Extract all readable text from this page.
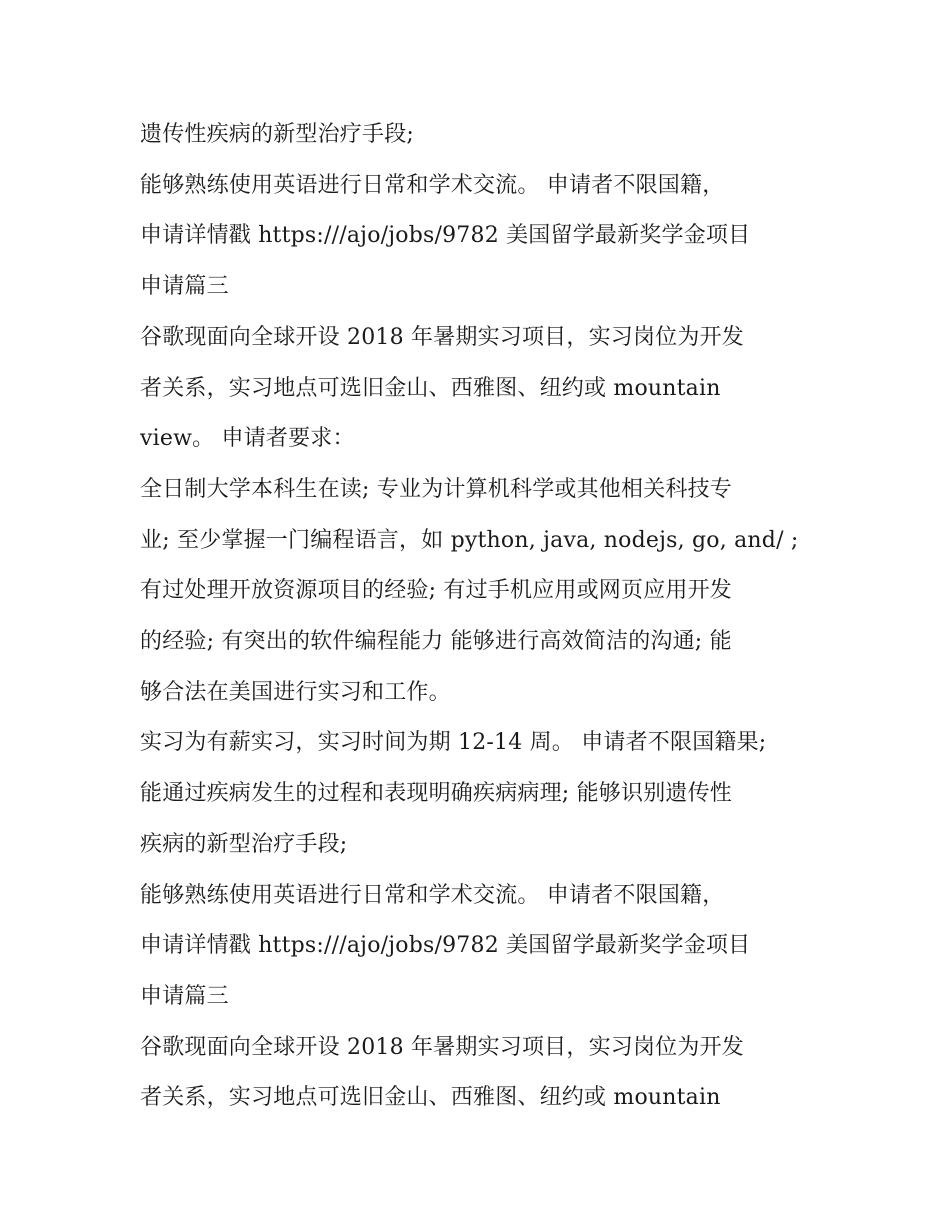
遗传性疾病的新型治疗手段;

能够熟练使用英语进行日常和学术交流。 申请者不限国籍，

申请详情戳 https:///ajo/jobs/9782 美国留学最新奖学金项目

申请篇三

谷歌现面向全球开设 2018 年暑期实习项目，实习岗位为开发

者关系，实习地点可选旧金山、西雅图、纽约或 mountain

view。 申请者要求：

全日制大学本科生在读; 专业为计算机科学或其他相关科技专

业; 至少掌握一门编程语言，如 python, java, nodejs, go, and/ ;

有过处理开放资源项目的经验; 有过手机应用或网页应用开发

的经验; 有突出的软件编程能力 能够进行高效简洁的沟通; 能

够合法在美国进行实习和工作。

实习为有薪实习，实习时间为期 12-14 周。 申请者不限国籍果;

能通过疾病发生的过程和表现明确疾病病理; 能够识别遗传性

疾病的新型治疗手段;

能够熟练使用英语进行日常和学术交流。 申请者不限国籍，

申请详情戳 https:///ajo/jobs/9782 美国留学最新奖学金项目

申请篇三

谷歌现面向全球开设 2018 年暑期实习项目，实习岗位为开发

者关系，实习地点可选旧金山、西雅图、纽约或 mountain
